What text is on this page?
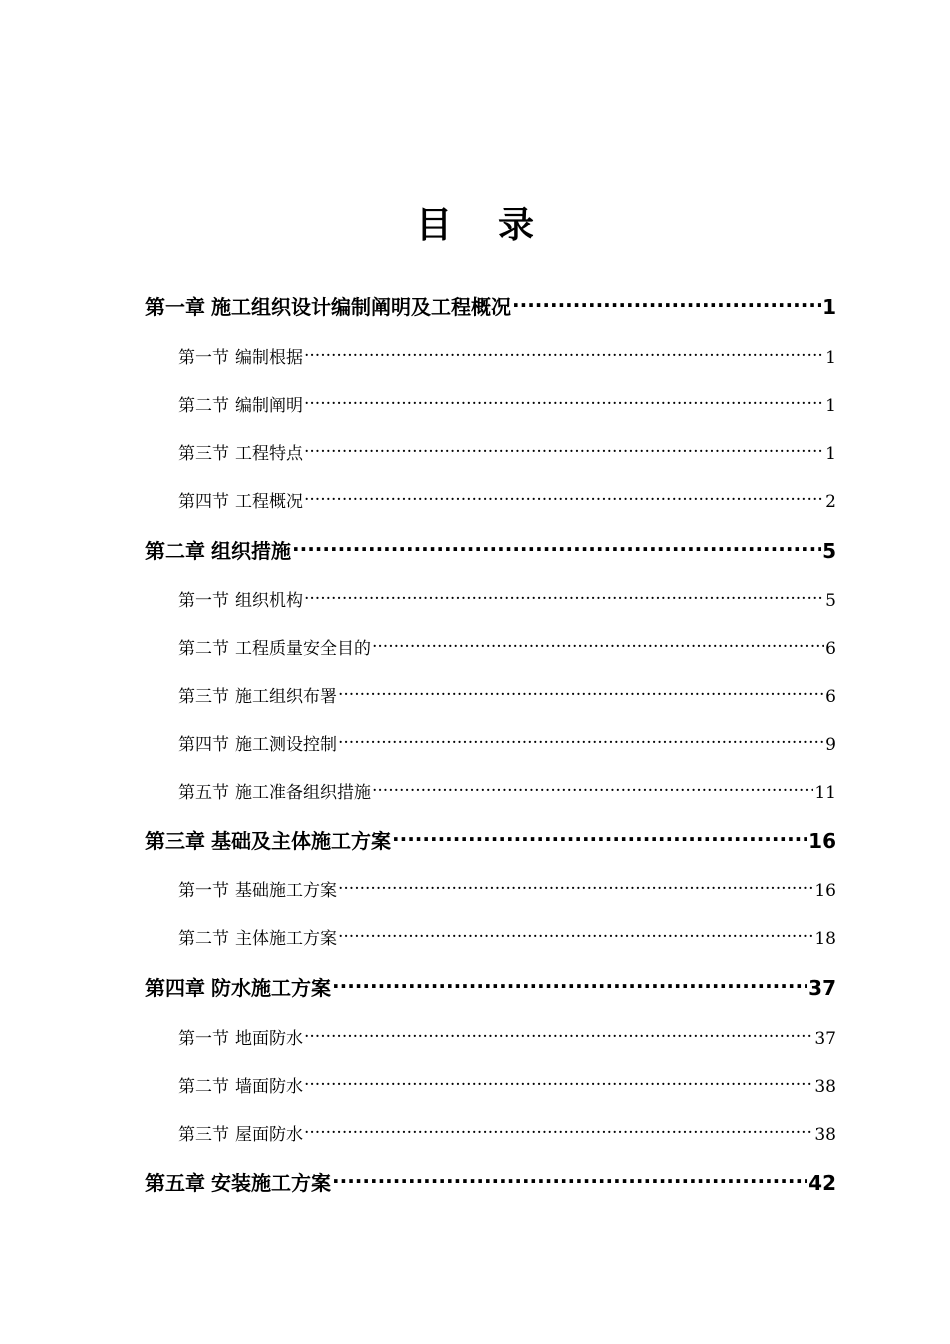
目 录
第一章 施工组织设计编制阐明及工程概况 .....	1
第一节 编制根据 .....	1
第二节 编制阐明 .....	1
第三节 工程特点 .....	1
第四节 工程概况 .....	2
第二章 组织措施 .....	5
第一节 组织机构 .....	5
第二节 工程质量安全目的 .....	6
第三节 施工组织布署 .....	6
第四节 施工测设控制 .....	9
第五节 施工准备组织措施 .....	11
第三章 基础及主体施工方案 .....	16
第一节 基础施工方案 .....	16
第二节 主体施工方案 .....	18
第四章 防水施工方案 .....	37
第一节 地面防水 .....	37
第二节 墙面防水 .....	38
第三节 屋面防水 .....	38
第五章 安装施工方案 .....	42
